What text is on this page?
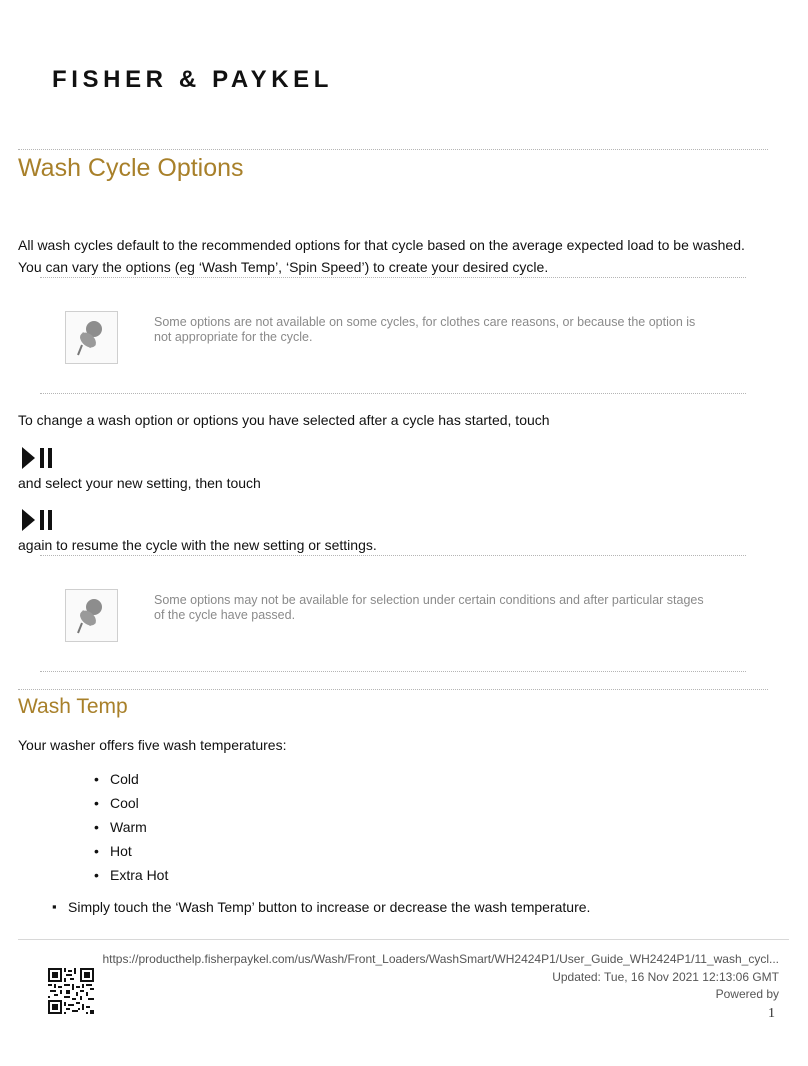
FISHER & PAYKEL
Wash Cycle Options
All wash cycles default to the recommended options for that cycle based on the average expected load to be washed.
You can vary the options (eg ‘Wash Temp’, ‘Spin Speed’) to create your desired cycle.
Some options are not available on some cycles, for clothes care reasons, or because the option is
not appropriate for the cycle.
To change a wash option or options you have selected after a cycle has started, touch
and select your new setting, then touch
again to resume the cycle with the new setting or settings.
Some options may not be available for selection under certain conditions and after particular stages
of the cycle have passed.
Wash Temp
Your washer offers five wash temperatures:
• Cold
• Cool
• Warm
• Hot
• Extra Hot
▪ Simply touch the ‘Wash Temp’ button to increase or decrease the wash temperature.
https://producthelp.fisherpaykel.com/us/Wash/Front_Loaders/WashSmart/WH2424P1/User_Guide_WH2424P1/11_wash_cycl...
Updated: Tue, 16 Nov 2021 12:13:06 GMT
Powered by
1
